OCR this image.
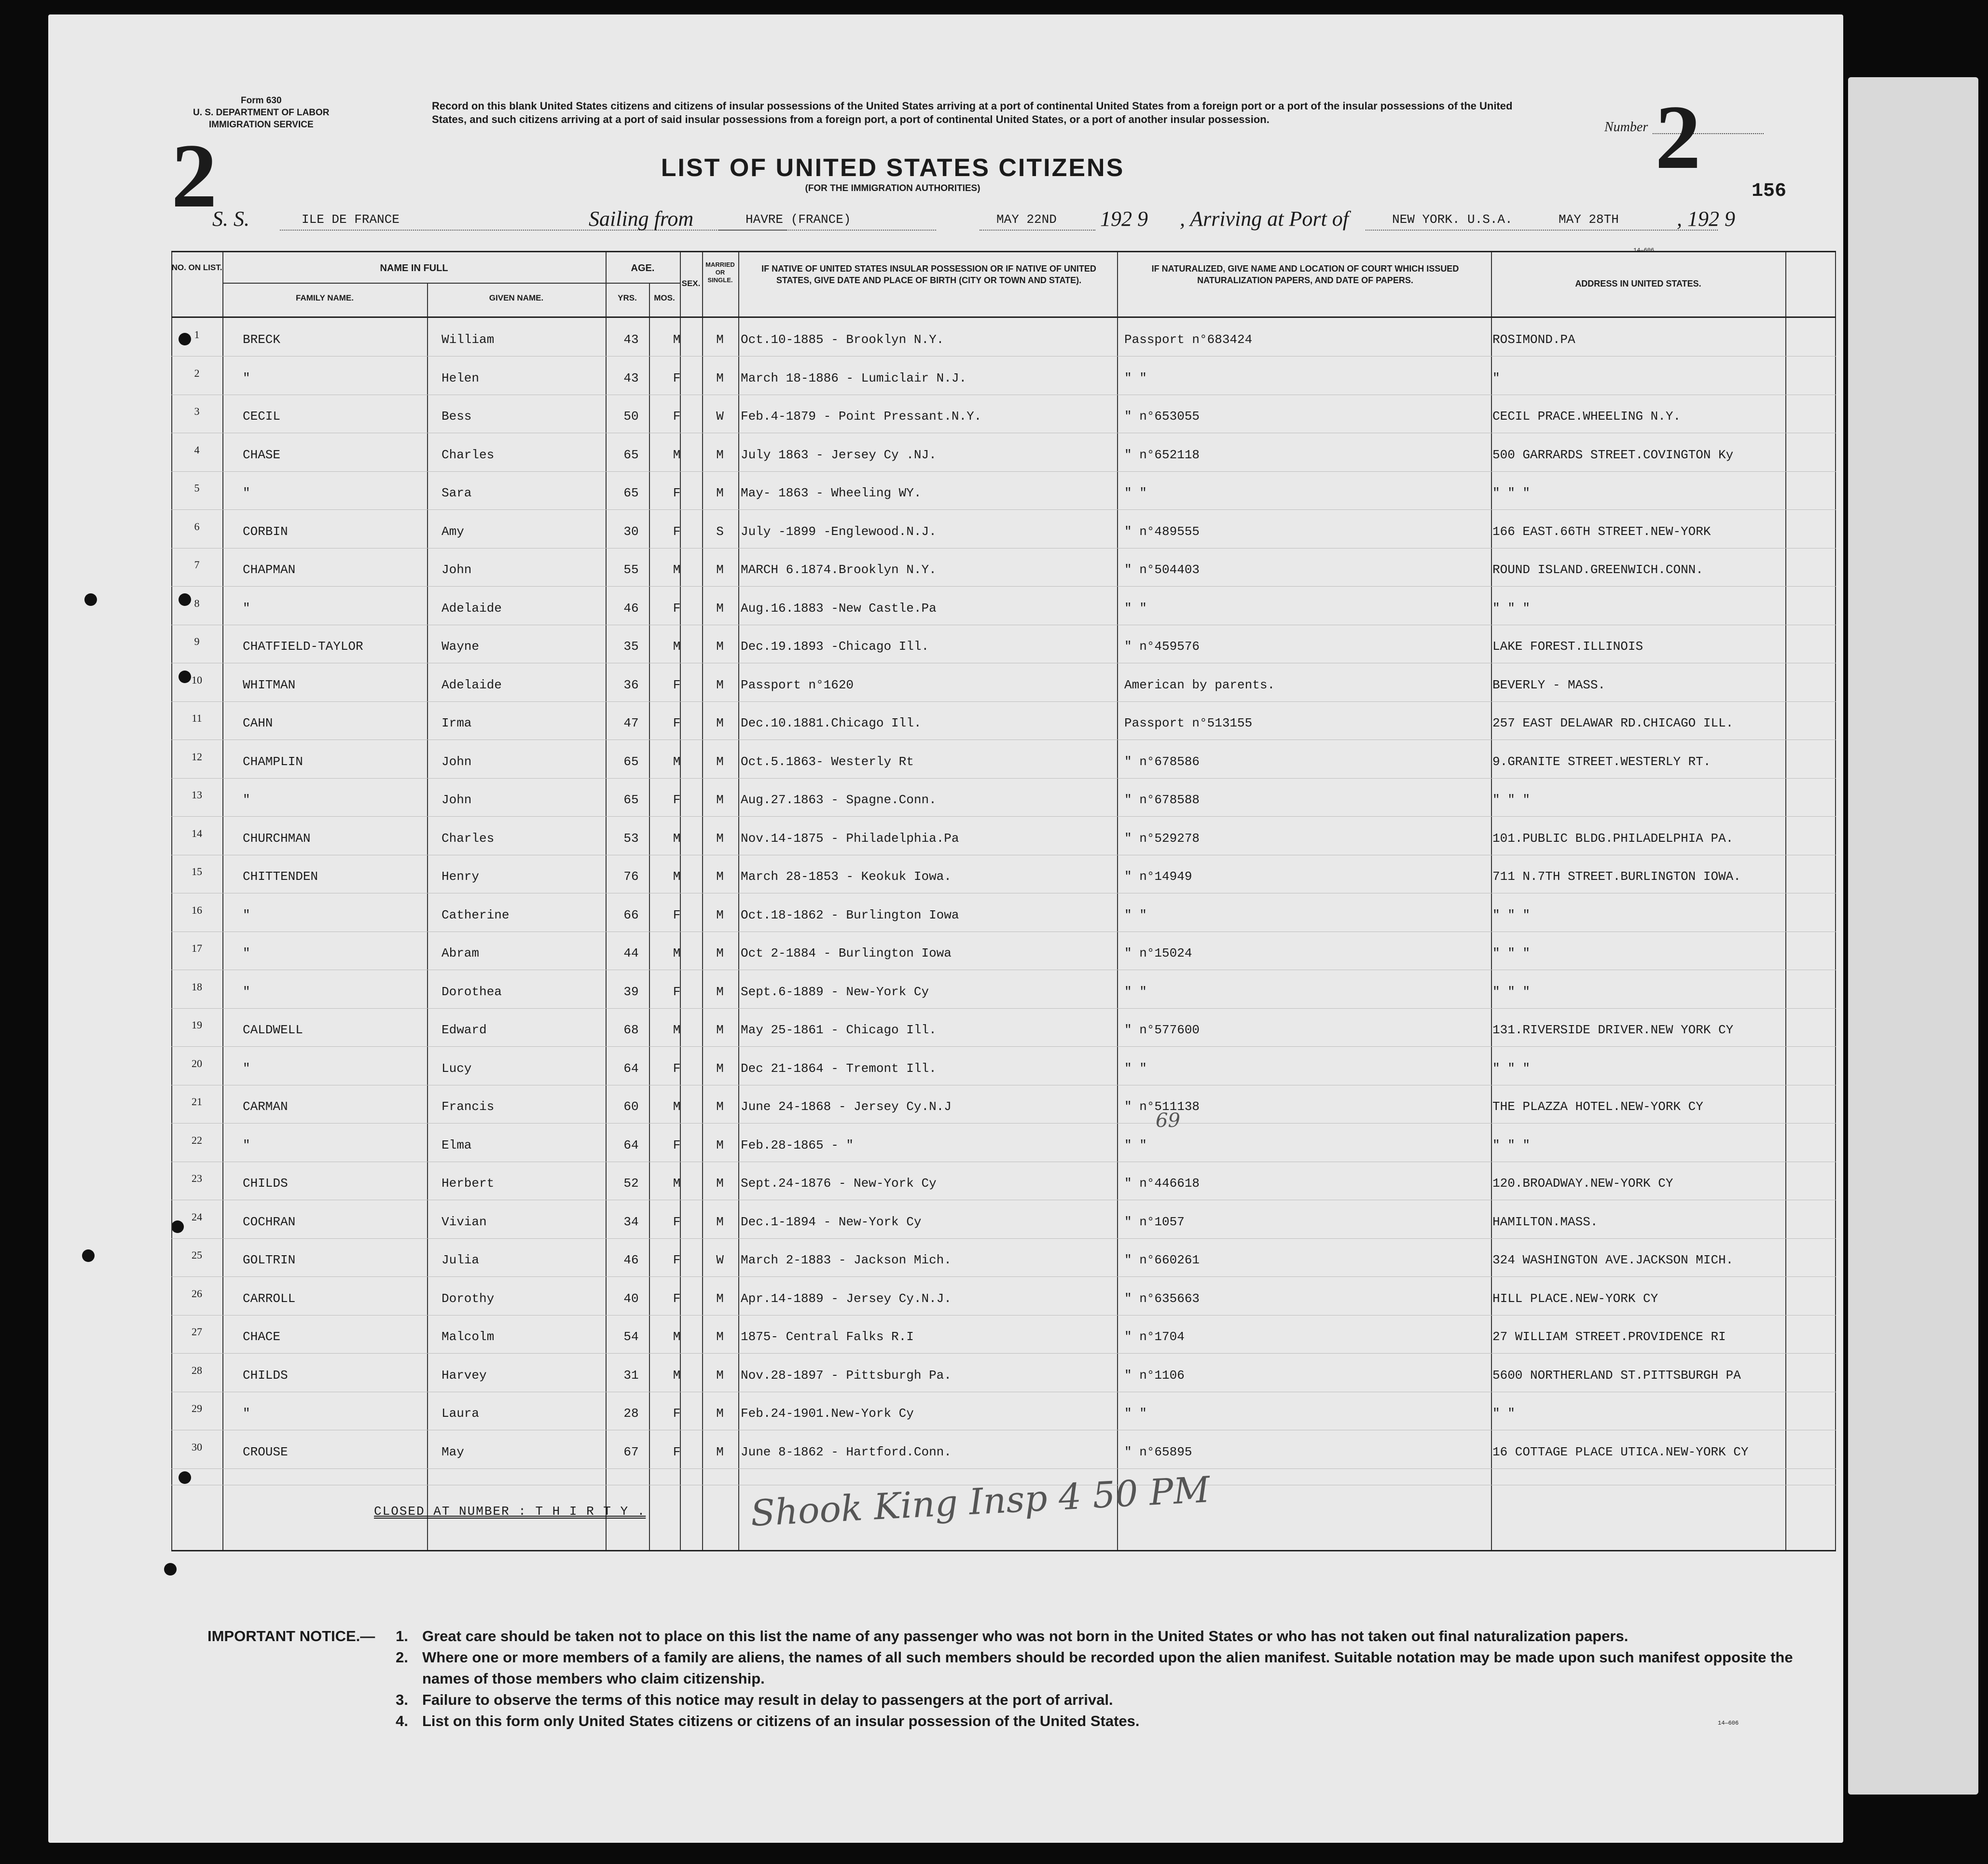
Form 630
U. S. DEPARTMENT OF LABOR
IMMIGRATION SERVICE
2
Record on this blank United States citizens and citizens of insular possessions of the United States arriving at a port of continental United States from a foreign port or a port of the insular possessions of the United States, and such citizens arriving at a port of said insular possessions from a foreign port, a port of continental United States, or a port of another insular possession.
LIST OF UNITED STATES CITIZENS
(FOR THE IMMIGRATION AUTHORITIES)
Number 2
156
14—606
S. S.	ILE DE FRANCE	Sailing from	HAVRE (FRANCE)	MAY 22ND 192 9 , Arriving at Port of	NEW YORK. U.S.A.	MAY 28TH	, 192 9
NO. ON LIST.	NAME IN FULL
FAMILY NAME.	GIVEN NAME.
AGE.
YRS.	MOS.
SEX.
MARRIED OR SINGLE.
IF NATIVE OF UNITED STATES INSULAR POSSESSION OR IF NATIVE OF UNITED STATES, GIVE DATE AND PLACE OF BIRTH (CITY OR TOWN AND STATE).
IF NATURALIZED, GIVE NAME AND LOCATION OF COURT WHICH ISSUED NATURALIZATION PAPERS, AND DATE OF PAPERS.	ADDRESS IN UNITED STATES.
1	BRECK	William	43	M	M	Oct.10-1885 - Brooklyn N.Y.	Passport n°683424	ROSIMOND.PA
2	"	Helen	43	F	M	March 18-1886 - Lumiclair N.J.	" "	"
3	CECIL	Bess	50	F	W	Feb.4-1879 - Point Pressant.N.Y.	" n°653055	CECIL PRACE.WHEELING N.Y.
4	CHASE	Charles	65	M	M	July 1863 - Jersey Cy .NJ.	" n°652118	500 GARRARDS STREET.COVINGTON Ky
5	"	Sara	65	F	M	May- 1863 - Wheeling WY.	" "	" " "
6	CORBIN	Amy	30	F	S	July -1899 -Englewood.N.J.	" n°489555	166 EAST.66TH STREET.NEW-YORK
7	CHAPMAN	John	55	M	M	MARCH 6.1874.Brooklyn N.Y.	" n°504403	ROUND ISLAND.GREENWICH.CONN.
8	"	Adelaide	46	F	M	Aug.16.1883 -New Castle.Pa	" "	" " "
9	CHATFIELD-TAYLOR	Wayne	35	M	M	Dec.19.1893 -Chicago Ill.	" n°459576	LAKE FOREST.ILLINOIS
10	WHITMAN	Adelaide	36	F	M	Passport n°1620	American by parents.	BEVERLY - MASS.
11	CAHN	Irma	47	F	M	Dec.10.1881.Chicago Ill.	Passport n°513155	257 EAST DELAWAR RD.CHICAGO ILL.
12	CHAMPLIN	John	65	M	M	Oct.5.1863- Westerly Rt	" n°678586	9.GRANITE STREET.WESTERLY RT.
13	"	John	65	F	M	Aug.27.1863 - Spagne.Conn.	" n°678588	" " "
14	CHURCHMAN	Charles	53	M	M	Nov.14-1875 - Philadelphia.Pa	" n°529278	101.PUBLIC BLDG.PHILADELPHIA PA.
15	CHITTENDEN	Henry	76	M	M	March 28-1853 - Keokuk Iowa.	" n°14949	711 N.7TH STREET.BURLINGTON IOWA.
16	"	Catherine	66	F	M	Oct.18-1862 - Burlington Iowa	" "	" " "
17	"	Abram	44	M	M	Oct 2-1884 - Burlington Iowa	" n°15024	" " "
18	"	Dorothea	39	F	M	Sept.6-1889 - New-York Cy	" "	" " "
19	CALDWELL	Edward	68	M	M	May 25-1861 - Chicago Ill.	" n°577600	131.RIVERSIDE DRIVER.NEW YORK CY
20	"	Lucy	64	F	M	Dec 21-1864 - Tremont Ill.	" "	" " "
21	CARMAN	Francis	60	M	M	June 24-1868 - Jersey Cy.N.J	" n°511138	THE PLAZZA HOTEL.NEW-YORK CY
22	"	Elma	64	F	M	Feb.28-1865 - "	" "	" " "
23	CHILDS	Herbert	52	M	M	Sept.24-1876 - New-York Cy	" n°446618	120.BROADWAY.NEW-YORK CY
24	COCHRAN	Vivian	34	F	M	Dec.1-1894 - New-York Cy	" n°1057	HAMILTON.MASS.
25	GOLTRIN	Julia	46	F	W	March 2-1883 - Jackson Mich.	" n°660261	324 WASHINGTON AVE.JACKSON MICH.
26	CARROLL	Dorothy	40	F	M	Apr.14-1889 - Jersey Cy.N.J.	" n°635663	HILL PLACE.NEW-YORK CY
27	CHACE	Malcolm	54	M	M	1875- Central Falks R.I	" n°1704	27 WILLIAM STREET.PROVIDENCE RI
28	CHILDS	Harvey	31	M	M	Nov.28-1897 - Pittsburgh Pa.	" n°1106	5600 NORTHERLAND ST.PITTSBURGH PA
29	"	Laura	28	F	M	Feb.24-1901.New-York Cy	" "	" "
30	CROUSE	May	67	F	M	June 8-1862 - Hartford.Conn.	" n°65895	16 COTTAGE PLACE UTICA.NEW-YORK CY
CLOSED AT NUMBER : T H I R T Y .	Shook King Insp 4 50 PM
69
IMPORTANT NOTICE.— 1. Great care should be taken not to place on this list the name of any passenger who was not born in the United States or who has not taken out final naturalization papers.
2. Where one or more members of a family are aliens, the names of all such members should be recorded upon the alien manifest. Suitable notation may be made upon such manifest opposite the names of those members who claim citizenship.
3. Failure to observe the terms of this notice may result in delay to passengers at the port of arrival.
4. List on this form only United States citizens or citizens of an insular possession of the United States.	14—606
